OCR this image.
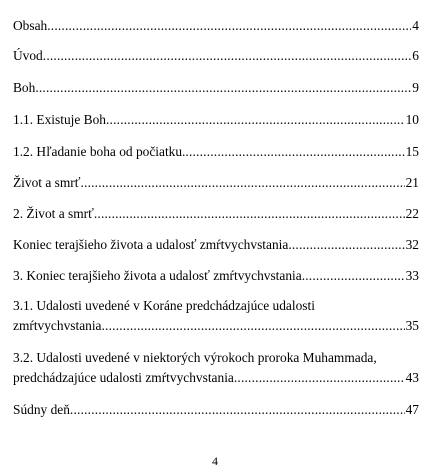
Obsah .....	4
Úvod .....	6
Boh .....	9
1.1. Existuje Boh .....	10
1.2. Hľadanie boha od počiatku. .....	15
Život a smrť .....	21
2. Život a smrť .....	22
Koniec terajšieho života a udalosť zmŕtvychvstania .....	32
3. Koniec terajšieho života a udalosť zmŕtvychvstania .....	33
3.1. Udalosti uvedené v Koráne predchádzajúce udalosti
zmŕtvychvstania .....	35
3.2. Udalosti uvedené v niektorých výrokoch proroka Muhammada,
predchádzajúce udalosti zmŕtvychvstania .....	43
Súdny deň .....	47
4
